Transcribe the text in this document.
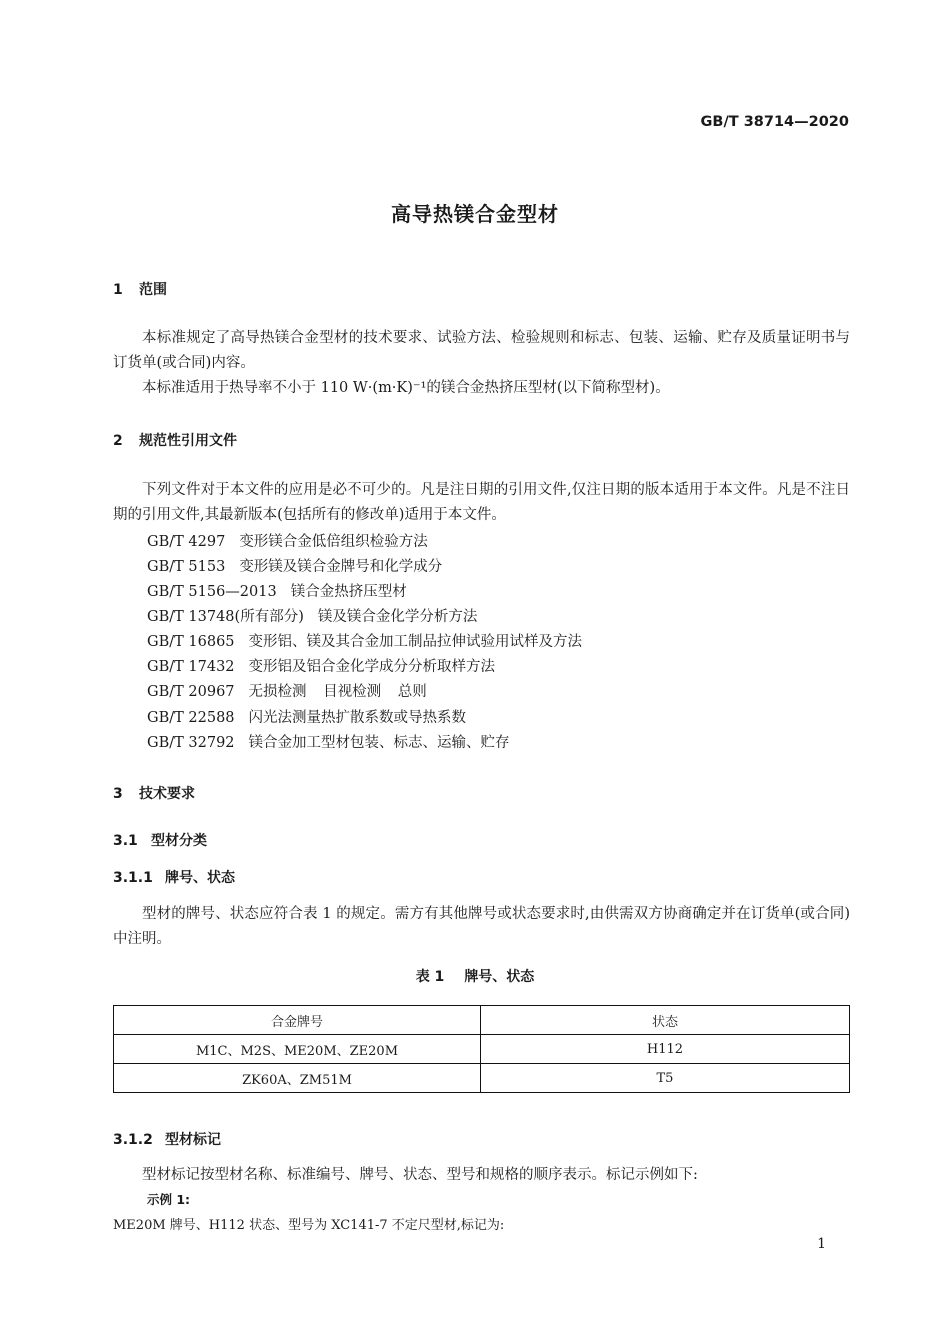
GB/T 38714—2020
高导热镁合金型材
1 范围

本标准规定了高导热镁合金型材的技术要求、试验方法、检验规则和标志、包装、运输、贮存及质量证明书与订货单(或合同)内容。

本标准适用于热导率不小于 110 W·(m·K)⁻¹的镁合金热挤压型材(以下简称型材)。

2 规范性引用文件

下列文件对于本文件的应用是必不可少的。凡是注日期的引用文件,仅注日期的版本适用于本文件。凡是不注日期的引用文件,其最新版本(包括所有的修改单)适用于本文件。

GB/T 4297 变形镁合金低倍组织检验方法
GB/T 5153 变形镁及镁合金牌号和化学成分
GB/T 5156—2013 镁合金热挤压型材
GB/T 13748(所有部分) 镁及镁合金化学分析方法
GB/T 16865 变形铝、镁及其合金加工制品拉伸试验用试样及方法
GB/T 17432 变形铝及铝合金化学成分分析取样方法
GB/T 20967 无损检测 目视检测 总则
GB/T 22588 闪光法测量热扩散系数或导热系数
GB/T 32792 镁合金加工型材包装、标志、运输、贮存
3 技术要求
3.1 型材分类
3.1.1 牌号、状态

型材的牌号、状态应符合表 1 的规定。需方有其他牌号或状态要求时,由供需双方协商确定并在订货单(或合同)中注明。

表 1 牌号、状态
合金牌号	状态
M1C、M2S、ME20M、ZE20M	H112
ZK60A、ZM51M	T5
3.1.2 型材标记

型材标记按型材名称、标准编号、牌号、状态、型号和规格的顺序表示。标记示例如下:

示例 1:
ME20M 牌号、H112 状态、型号为 XC141-7 不定尺型材,标记为:
1
